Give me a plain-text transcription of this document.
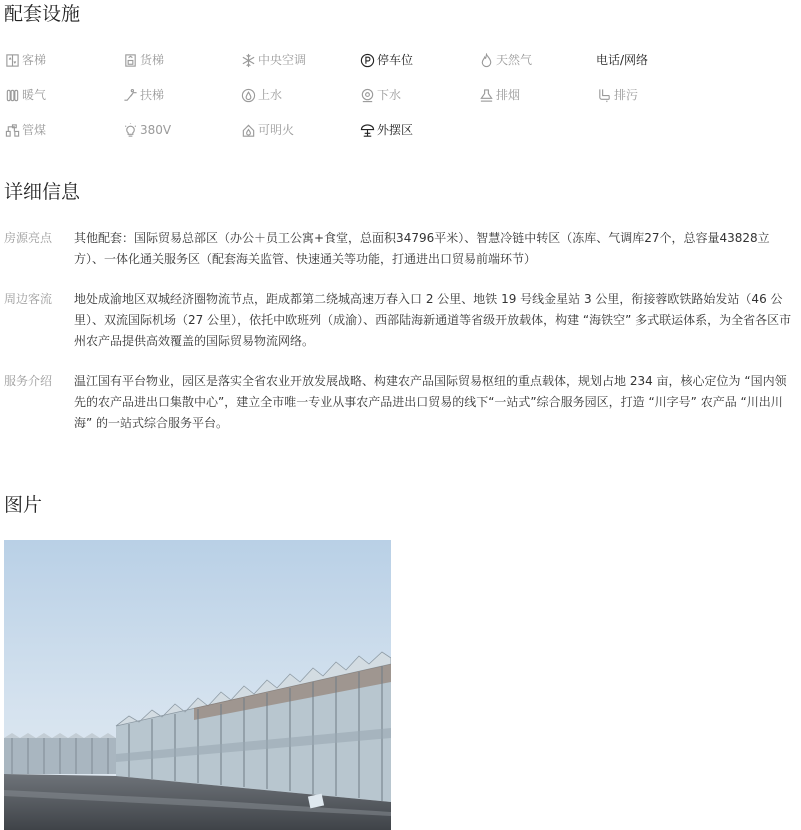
配套设施
客梯	货梯	中央空调	停车位	天然气	电话/网络
暖气	扶梯	上水	下水	排烟	排污
管煤	380V	可明火	外摆区
详细信息
房源亮点	其他配套：国际贸易总部区（办公＋员工公寓+食堂，总面积34796平米）、智慧冷链中转区（冻库、气调库27个，总容量43828立方）、一体化通关服务区（配套海关监管、快速通关等功能，打通进出口贸易前端环节）
周边客流	地处成渝地区双城经济圈物流节点，距成都第二绕城高速万春入口 2 公里、地铁 19 号线金星站 3 公里，衔接蓉欧铁路始发站（46 公里）、双流国际机场（27 公里），依托中欧班列（成渝）、西部陆海新通道等省级开放载体，构建 “海铁空” 多式联运体系，为全省各区市州农产品提供高效覆盖的国际贸易物流网络。
服务介绍	温江国有平台物业，园区是落实全省农业开放发展战略、构建农产品国际贸易枢纽的重点载体，规划占地 234 亩，核心定位为 “国内领先的农产品进出口集散中心”，建立全市唯一专业从事农产品进出口贸易的线下“一站式”综合服务园区，打造 “川字号” 农产品 “川出川海” 的一站式综合服务平台。
图片
